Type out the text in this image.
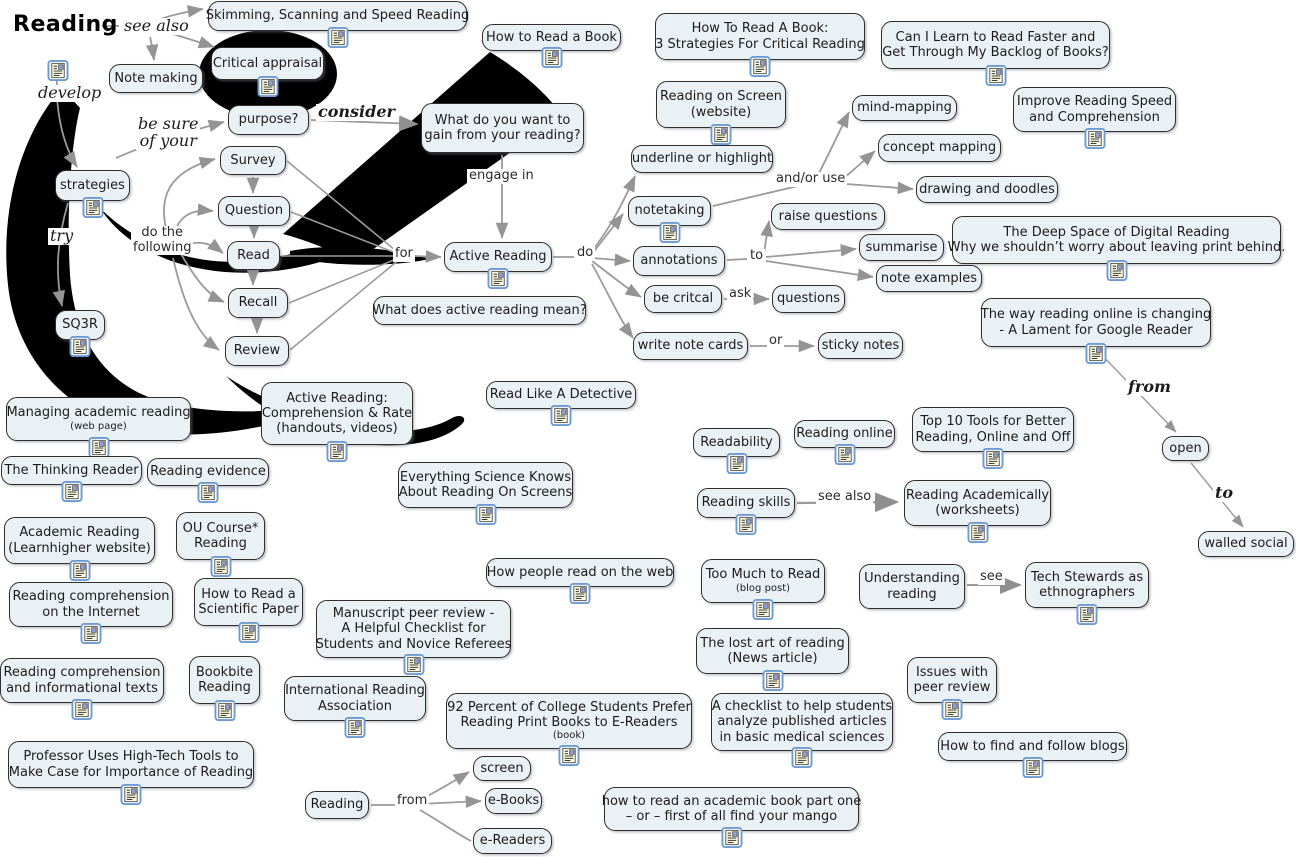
Reading	Skimming, Scanning and Speed Reading
Critical appraisal
Note making
purpose?	What do you want to
gain from your reading?
How to Read a Book
How To Read A Book:
3 Strategies For Critical Reading Can I Learn to Read Faster and
Get Through My Backlog of Books?
Reading on Screen
(website)	mind-mapping	Improve Reading Speed
and Comprehension
concept mapping
drawing and doodles
underline or highlight
notetaking	raise questions
summarise
The Deep Space of Digital Reading
Why we shouldn’t worry about leaving print behind.
annotations
note examples
be critcal	questions
The way reading online is changing
- A Lament for Google Reader
write note cards	sticky notes
strategies
SQ3R
Survey
Question
Read
Recall
Review
Active Reading
What does active reading mean?
Read Like A Detective
Active Reading:
Comprehension & Rate
(handouts, videos)
Managing academic reading
(web page)
The Thinking Reader Reading evidence
Academic Reading
(Learnhigher website)
OU Course*
Reading
Reading comprehension
on the Internet
How to Read a
Scientific Paper
Reading comprehension
and informational texts
Bookbite
Reading
Professor Uses High-Tech Tools to
Make Case for Importance of Reading
Everything Science Knows
About Reading On Screens
How people read on the web
Manuscript peer review -
A Helpful Checklist for
Students and Novice Referees
International Reading
Association	92 Percent of College Students Prefer
Reading Print Books to E-Readers
(book)
Reading
screen
e-Books
e-Readers
how to read an academic book part one
– or – first of all find your mango
Readability
Reading online
Top 10 Tools for Better
Reading, Online and Off
Reading skills
Reading Academically
(worksheets)
Too Much to Read
(blog post)
Understanding
reading
Tech Stewards as
ethnographers
The lost art of reading
(News article)
Issues with
peer review
A checklist to help students
analyze published articles
in basic medical sciences
How to find and follow blogs
open
walled social
see also
develop
be sure
of your
try
consider
engage in
do the
following	for	do
and/or use
to
ask
or
see also
see
from
from
to
